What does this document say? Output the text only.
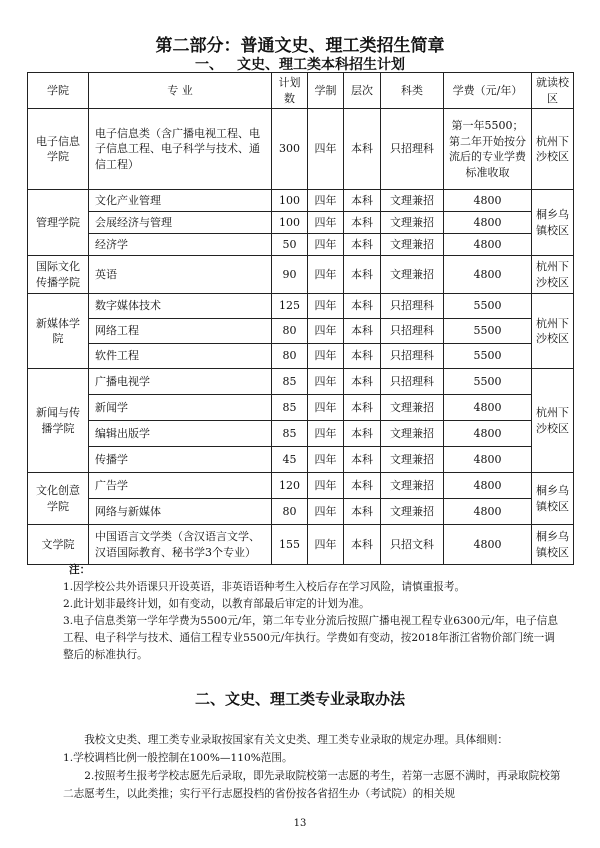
第二部分：普通文史、理工类招生简章
一、 文史、理工类本科招生计划
学院	专 业	计划数	学制	层次	科类	学费（元/年）	就读校区
电子信息学院	电子信息类（含广播电视工程、电子信息工程、电子科学与技术、通信工程）	300	四年	本科	只招理科	第一年5500；第二年开始按分流后的专业学费标准收取	杭州下沙校区
管理学院	文化产业管理	100	四年	本科	文理兼招	4800	桐乡乌镇校区
	会展经济与管理	100	四年	本科	文理兼招	4800	
	经济学	50	四年	本科	文理兼招	4800	
国际文化传播学院	英语	90	四年	本科	文理兼招	4800	杭州下沙校区
新媒体学院	数字媒体技术	125	四年	本科	只招理科	5500	杭州下沙校区
	网络工程	80	四年	本科	只招理科	5500	
	软件工程	80	四年	本科	只招理科	5500	
新闻与传播学院	广播电视学	85	四年	本科	只招理科	5500	杭州下沙校区
	新闻学	85	四年	本科	文理兼招	4800	
	编辑出版学	85	四年	本科	文理兼招	4800	
	传播学	45	四年	本科	文理兼招	4800	
文化创意学院	广告学	120	四年	本科	文理兼招	4800	桐乡乌镇校区
	网络与新媒体	80	四年	本科	文理兼招	4800	
文学院	中国语言文学类（含汉语言文学、汉语国际教育、秘书学3个专业）	155	四年	本科	只招文科	4800	桐乡乌镇校区
注：
1.因学校公共外语课只开设英语，非英语语种考生入校后存在学习风险，请慎重报考。
2.此计划非最终计划，如有变动，以教育部最后审定的计划为准。
3.电子信息类第一学年学费为5500元/年，第二年专业分流后按照广播电视工程专业6300元/年，电子信息工程、电子科学与技术、通信工程专业5500元/年执行。学费如有变动，按2018年浙江省物价部门统一调整后的标准执行。
二、文史、理工类专业录取办法
我校文史类、理工类专业录取按国家有关文史类、理工类专业录取的规定办理。具体细则：
1.学校调档比例一般控制在100%—110%范围。
2.按照考生报考学校志愿先后录取，即先录取院校第一志愿的考生，若第一志愿不满时，再录取院校第二志愿考生，以此类推；实行平行志愿投档的省份按各省招生办（考试院）的相关规
13
